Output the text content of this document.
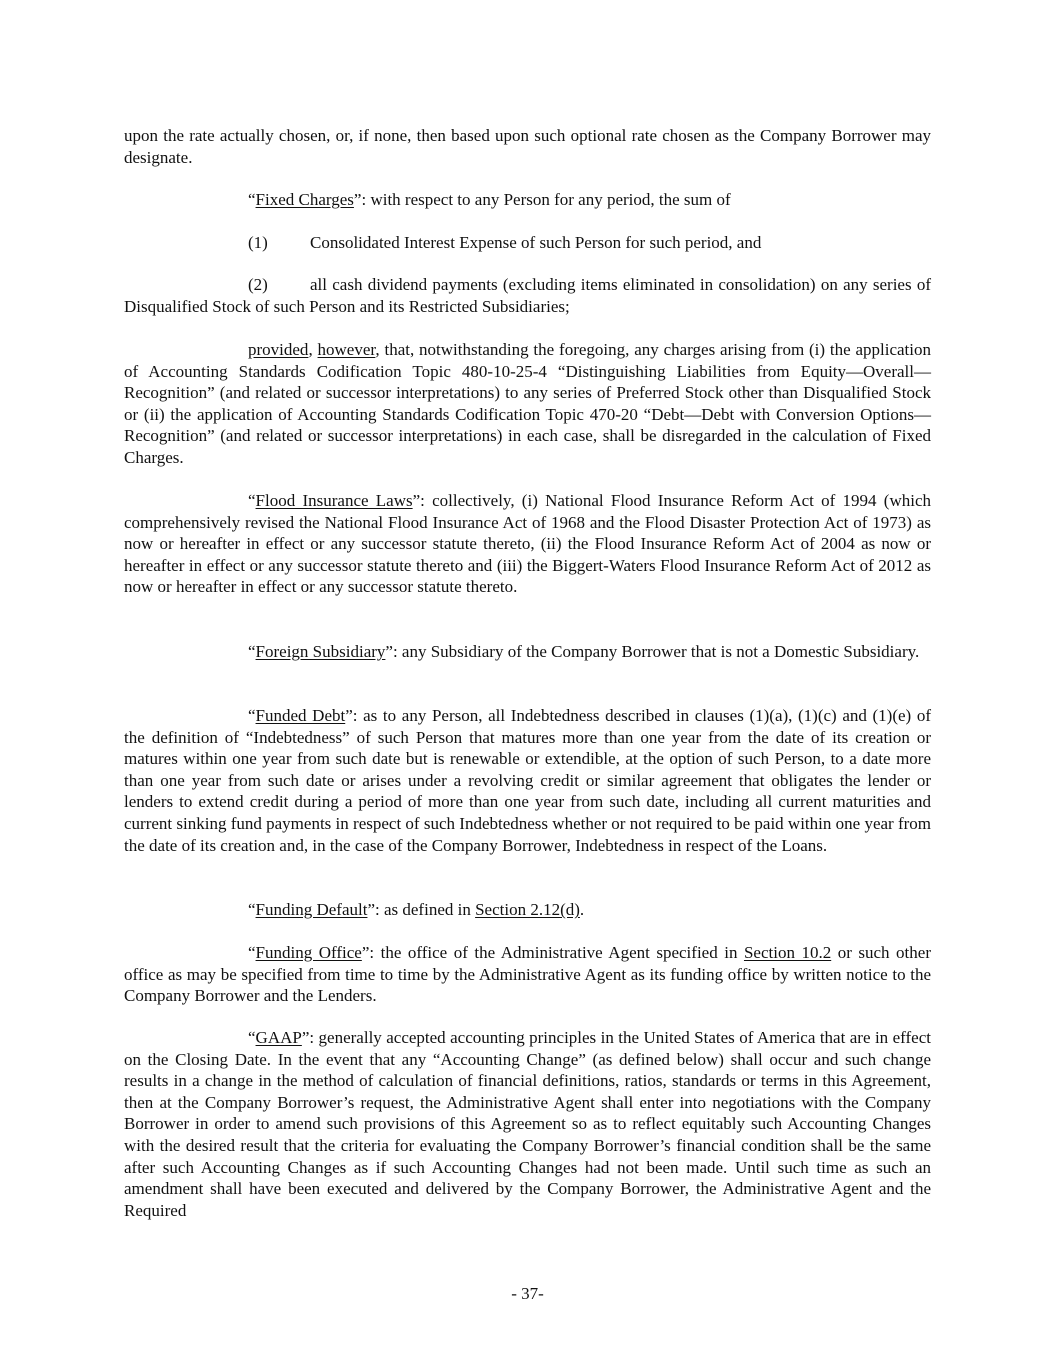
upon the rate actually chosen, or, if none, then based upon such optional rate chosen as the Company Borrower may designate.

“Fixed Charges”: with respect to any Person for any period, the sum of

(1) Consolidated Interest Expense of such Person for such period, and

(2) all cash dividend payments (excluding items eliminated in consolidation) on any series of Disqualified Stock of such Person and its Restricted Subsidiaries;

provided, however, that, notwithstanding the foregoing, any charges arising from (i) the application of Accounting Standards Codification Topic 480-10-25-4 “Distinguishing Liabilities from Equity—Overall—Recognition” (and related or successor interpretations) to any series of Preferred Stock other than Disqualified Stock or (ii) the application of Accounting Standards Codification Topic 470-20 “Debt—Debt with Conversion Options—Recognition” (and related or successor interpretations) in each case, shall be disregarded in the calculation of Fixed Charges.

“Flood Insurance Laws”: collectively, (i) National Flood Insurance Reform Act of 1994 (which comprehensively revised the National Flood Insurance Act of 1968 and the Flood Disaster Protection Act of 1973) as now or hereafter in effect or any successor statute thereto, (ii) the Flood Insurance Reform Act of 2004 as now or hereafter in effect or any successor statute thereto and (iii) the Biggert-Waters Flood Insurance Reform Act of 2012 as now or hereafter in effect or any successor statute thereto.

“Foreign Subsidiary”: any Subsidiary of the Company Borrower that is not a Domestic Subsidiary.

“Funded Debt”: as to any Person, all Indebtedness described in clauses (1)(a), (1)(c) and (1)(e) of the definition of “Indebtedness” of such Person that matures more than one year from the date of its creation or matures within one year from such date but is renewable or extendible, at the option of such Person, to a date more than one year from such date or arises under a revolving credit or similar agreement that obligates the lender or lenders to extend credit during a period of more than one year from such date, including all current maturities and current sinking fund payments in respect of such Indebtedness whether or not required to be paid within one year from the date of its creation and, in the case of the Company Borrower, Indebtedness in respect of the Loans.

“Funding Default”: as defined in Section 2.12(d).

“Funding Office”: the office of the Administrative Agent specified in Section 10.2 or such other office as may be specified from time to time by the Administrative Agent as its funding office by written notice to the Company Borrower and the Lenders.

“GAAP”: generally accepted accounting principles in the United States of America that are in effect on the Closing Date. In the event that any “Accounting Change” (as defined below) shall occur and such change results in a change in the method of calculation of financial definitions, ratios, standards or terms in this Agreement, then at the Company Borrower’s request, the Administrative Agent shall enter into negotiations with the Company Borrower in order to amend such provisions of this Agreement so as to reflect equitably such Accounting Changes with the desired result that the criteria for evaluating the Company Borrower’s financial condition shall be the same after such Accounting Changes as if such Accounting Changes had not been made. Until such time as such an amendment shall have been executed and delivered by the Company Borrower, the Administrative Agent and the Required

- 37-
